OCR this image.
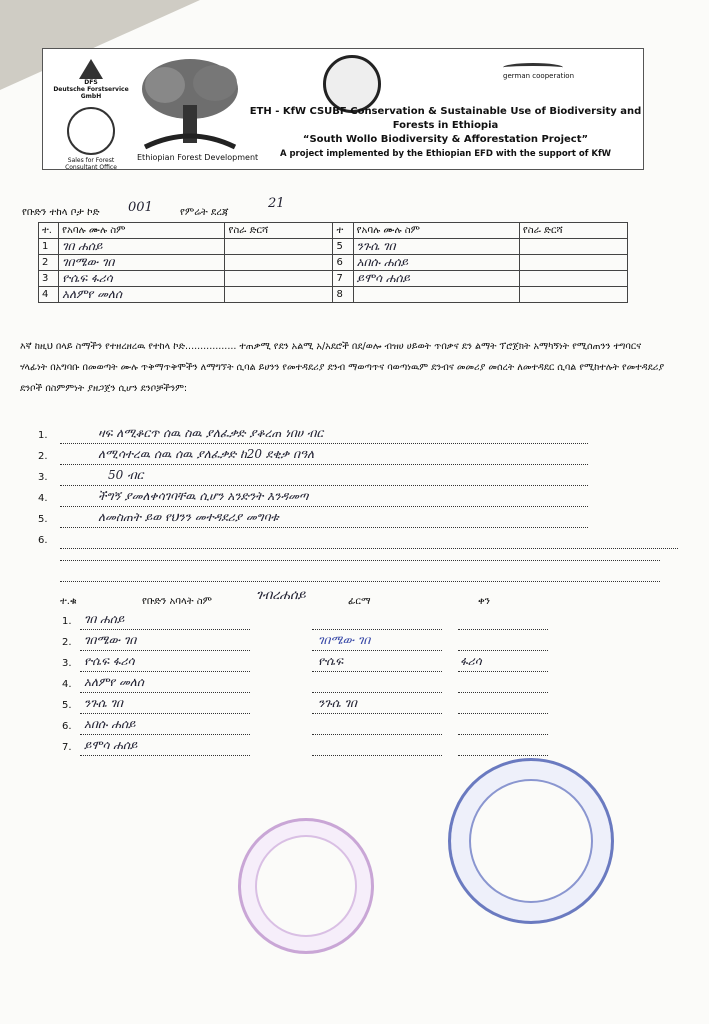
DFS
Deutsche Forstservice GmbH
Sales for Forest Consultant Office
Ethiopian Forest Development
german cooperation
ETH - KfW CSUBF Conservation & Sustainable Use of Biodiversity and
Forests in Ethiopia
“South Wollo Biodiversity & Afforestation Project”
A project implemented by the Ethiopian EFD with the support of KfW
የቡድን ተከላ ቦታ ኮድ 001	የምሬት ደረጃ
21
ተ.	የአባሉ ሙሉ ስም	የስራ ድርሻ	ተ	የአባሉ ሙሉ ስም	የስራ ድርሻ
1	ገበ ሐሰይ		5	ንጉሴ ገበ	
2	ገበሜው ገበ		6	አበሱ ሐሰይ	
3	ዮሴፍ ፋሪሳ		7	ይሞሳ ሐሰይ	
4	አለምየ መለሰ		8		
እኛ ከዚህ በላይ ስማችን የተዘረዘረዉ የተከላ ኮድ................. ተጠቃሚ የደን አልሚ አ/አደሮች በደ/ወሎ ብዝሀ ሀይወት ጥበቃና ደን ልማት ፕሮጀክት አማካኝነት የሚሰጠንን ተግባርና ሃላፊነት በአግባቡ በመወጣት ሙሉ ጥቅማጥቅሞችን ለማግኘት ሲባል ይሀንን የመተዳደሪያ ደንብ ማወጣጥና ባወጣነዉም ደንብና መመሪያ መሰረት ለመተዳደር ሲባል የሚከተሉት የመተዳደሪያ ደንቦች በስምምነት ያዘጋጀን ሲሆን ደንቦቻችንም:
1.	ዛፍ ለሚቆርጥ ሰዉ ስዉ ያለፈቃድ ያቆረጠ ነበሀ ብር
2.	ለሚሳተረዉ ሰዉ ሰዉ ያለፈቃድ ከ20 ደቂቃ በዓለ
3.	50 ብር
4.	ችግኝ ያመለቀሳገባቸዉ ሲሆን አንድንት እንዳመጣ
5.	ለመስጠት ይወ የህንን መተዳደሪያ መግባቱ
6.
ተ.ቁ	የቡድን አባላት ስም	ገብረሐሰይ	ፊርማ	ቀን
1. ገበ ሐሰይ
2. ገበሜው ገበ	ገበሜው ገበ
3. ዮሴፍ ፋሪሳ	ዮሴፍ	ፋሪሳ
4. አለምየ መለሰ
5. ንጉሴ ገበ	ንጉሴ ገበ
6. አበሱ ሐሰይ
7. ይሞሳ ሐሰይ
